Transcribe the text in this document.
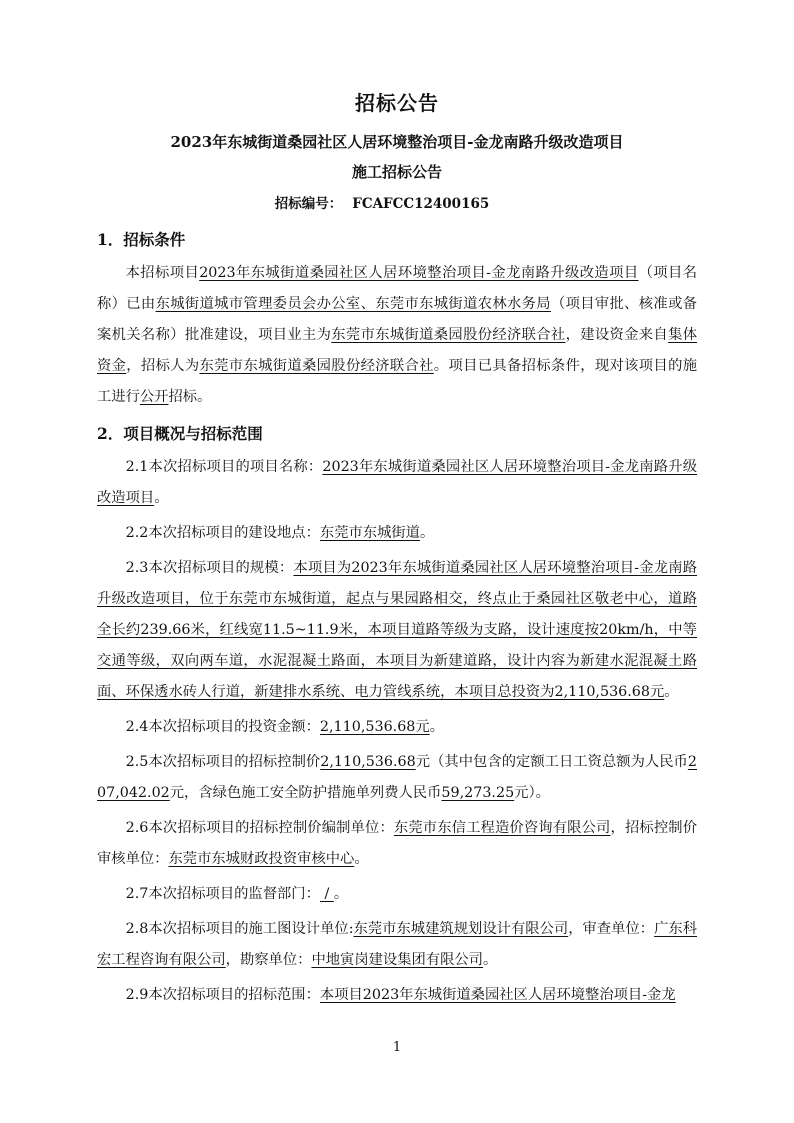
招标公告
2023年东城街道桑园社区人居环境整治项目-金龙南路升级改造项目
施工招标公告
招标编号： FCAFCC12400165
1．招标条件

本招标项目2023年东城街道桑园社区人居环境整治项目-金龙南路升级改造项目（项目名称）已由东城街道城市管理委员会办公室、东莞市东城街道农林水务局（项目审批、核准或备案机关名称）批准建设，项目业主为东莞市东城街道桑园股份经济联合社，建设资金来自集体资金，招标人为东莞市东城街道桑园股份经济联合社。项目已具备招标条件，现对该项目的施工进行公开招标。

2．项目概况与招标范围

2.1本次招标项目的项目名称：2023年东城街道桑园社区人居环境整治项目-金龙南路升级改造项目。

2.2本次招标项目的建设地点：东莞市东城街道。

2.3本次招标项目的规模：本项目为2023年东城街道桑园社区人居环境整治项目-金龙南路升级改造项目，位于东莞市东城街道，起点与果园路相交，终点止于桑园社区敬老中心，道路全长约239.66米，红线宽11.5~11.9米，本项目道路等级为支路，设计速度按20km/h，中等交通等级，双向两车道，水泥混凝土路面，本项目为新建道路，设计内容为新建水泥混凝土路面、环保透水砖人行道，新建排水系统、电力管线系统，本项目总投资为2,110,536.68元。

2.4本次招标项目的投资金额：2,110,536.68元。

2.5本次招标项目的招标控制价2,110,536.68元（其中包含的定额工日工资总额为人民币207,042.02元，含绿色施工安全防护措施单列费人民币59,273.25元）。

2.6本次招标项目的招标控制价编制单位：东莞市东信工程造价咨询有限公司，招标控制价审核单位：东莞市东城财政投资审核中心。

2.7本次招标项目的监督部门： / 。

2.8本次招标项目的施工图设计单位:东莞市东城建筑规划设计有限公司，审查单位：广东科宏工程咨询有限公司，勘察单位：中地寅岗建设集团有限公司。

2.9本次招标项目的招标范围：本项目2023年东城街道桑园社区人居环境整治项目-金龙

1
